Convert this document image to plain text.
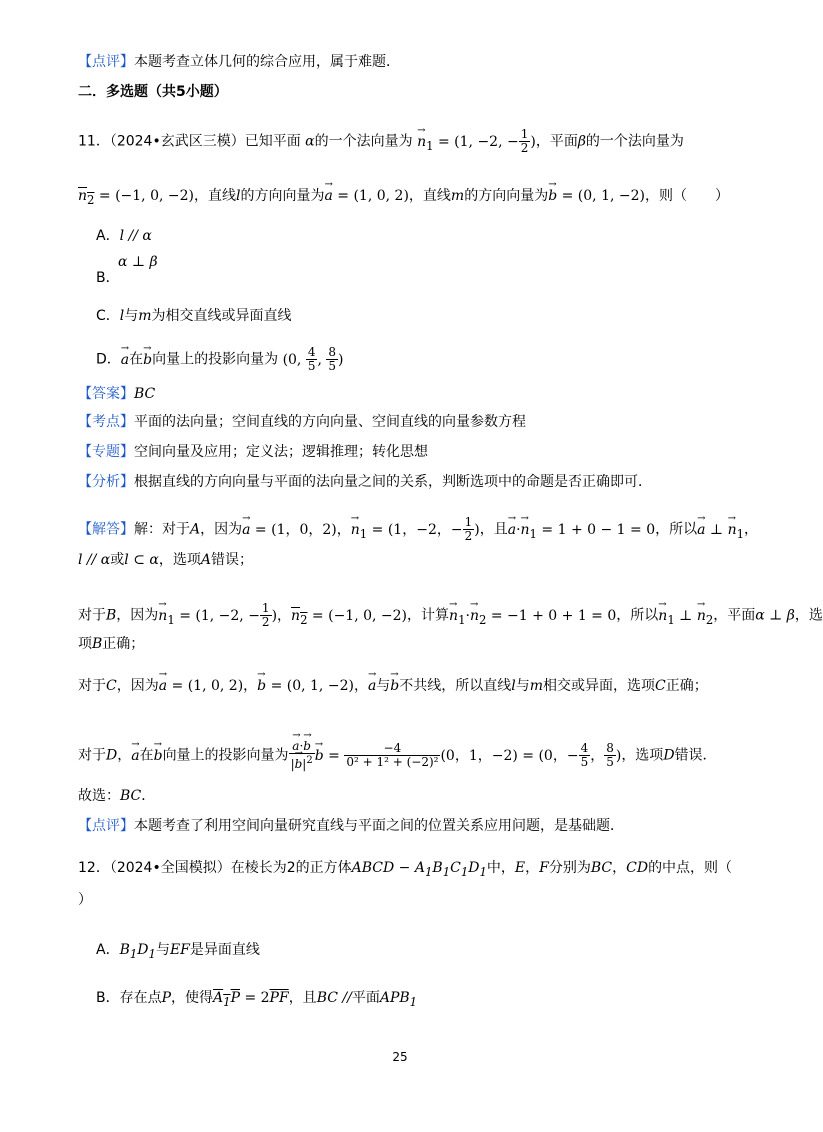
【点评】本题考查立体几何的综合应用，属于难题．
二．多选题（共5小题）
11．（2024•玄武区三模）已知平面 α的一个法向量为 → $n_1 = (1$, −2, − $\frac{1}{2}$ )，平面β的一个法向量为
$n_2 = (-1$, 0, −2)，直线l的方向向量为→ a = (1, 0, 2)，直线m的方向向量为→ b = (0, 1, −2)，则（　　）
A．l // α
α ⊥ β
B．
C．l与m为相交直线或异面直线
D．→ a在→ b向量上的投影向量为 (0, $\frac{4}{5}$ , $\frac{8}{5}$ )
【答案】BC
【考点】平面的法向量；空间直线的方向向量、空间直线的向量参数方程
【专题】空间向量及应用；定义法；逻辑推理；转化思想
【分析】根据直线的方向向量与平面的法向量之间的关系，判断选项中的命题是否正确即可．
【解答】解：对于A，因为→ a = (1，0，2)，→ $n_1 = (1$，−2，− $\frac{1}{2}$ )，且→ $a\cdot\to n_1 = 1 + 0 - 1 = 0$，所以→ a ⊥ → $n_1$，
l // α或l ⊂ α，选项A错误；
对于B，因为→ $n_1 = (1$, −2, − $\frac{1}{2}$ )，$n_2 = (-1$, 0, −2)，计算→ $n_1\cdot\to n_2 = -1 + 0 + 1 = 0$，所以→ $n_1$ ⊥ → $n_2$，平面α ⊥ β，选
项B正确；
对于C，因为→ a = (1, 0, 2)，→ b = (0, 1, −2)，→ a与→ b不共线，所以直线l与m相交或异面，选项C正确；
对于D，→ a在→ b向量上的投影向量为 → $\frac{a\cdot\to b}{|\to b|^2} \to b = \frac{-4}{\text{0² + 1² + (−2)²}} (0$，1，−2) = (0，− $\frac{4}{5}$ ， $\frac{8}{5}$ )，选项D错误．
故选：BC．
【点评】本题考查了利用空间向量研究直线与平面之间的位置关系应用问题，是基础题．
12．（2024•全国模拟）在棱长为2的正方体ABCD − $A_1B_1C_1D_1$中，E，F分别为BC，CD的中点，则（
）
A．$B_1D_1$与EF是异面直线
B．存在点P，使得$A_1P = 2\overline{PF}$，且BC //平面$APB_1$
25
